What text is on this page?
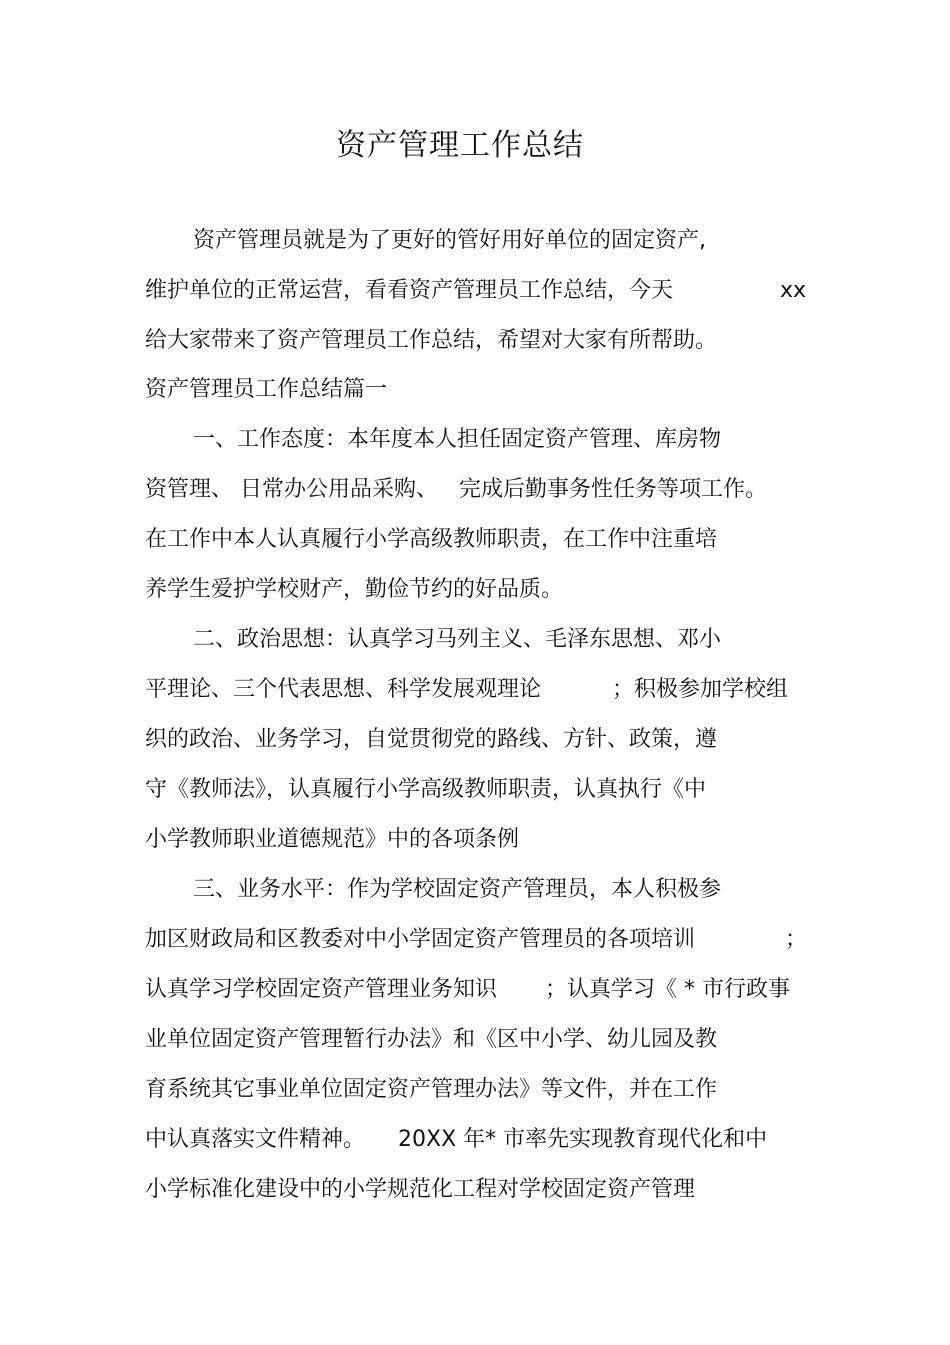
资产管理工作总结
资产管理员就是为了更好的管好用好单位的固定资产,
维护单位的正常运营，看看资产管理员工作总结，今天	xx
给大家带来了资产管理员工作总结，希望对大家有所帮助。
资产管理员工作总结篇一
一、工作态度：本年度本人担任固定资产管理、库房物
资管理、 日常办公用品采购、   完成后勤事务性任务等项工作。
在工作中本人认真履行小学高级教师职责，在工作中注重培
养学生爱护学校财产，勤俭节约的好品质。
二、政治思想：认真学习马列主义、毛泽东思想、邓小
平理论、三个代表思想、科学发展观理论	；积极参加学校组
织的政治、业务学习，自觉贯彻党的路线、方针、政策，遵
守《教师法》，认真履行小学高级教师职责，认真执行《中
小学教师职业道德规范》中的各项条例
三、业务水平：作为学校固定资产管理员，本人积极参
加区财政局和区教委对中小学固定资产管理员的各项培训	；
认真学习学校固定资产管理业务知识 ；认真学习《 * 市行政事
业单位固定资产管理暂行办法》和《区中小学、幼儿园及教
育系统其它事业单位固定资产管理办法》等文件，并在工作
中认真落实文件精神。 20XX 年* 市率先实现教育现代化和中
小学标准化建设中的小学规范化工程对学校固定资产管理
